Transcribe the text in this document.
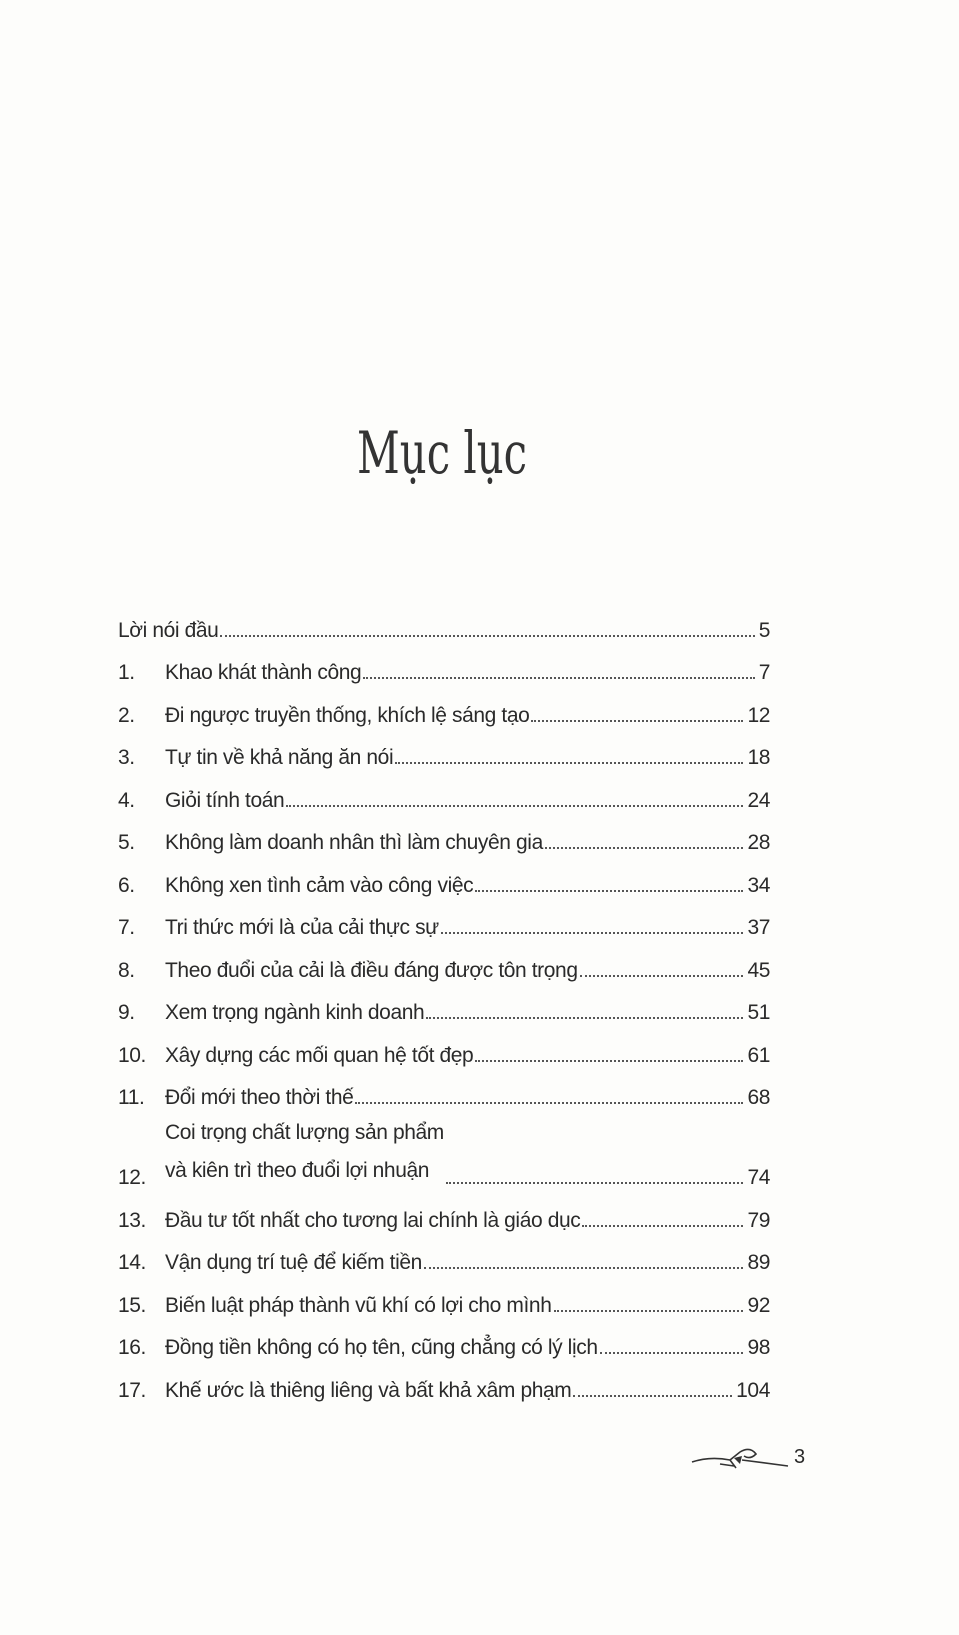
Mục lục
Lời nói đầu	5
1.	Khao khát thành công	7
2.	Đi ngược truyền thống, khích lệ sáng tạo	12
3.	Tự tin về khả năng ăn nói	18
4.	Giỏi tính toán	24
5.	Không làm doanh nhân thì làm chuyên gia	28
6.	Không xen tình cảm vào công việc	34
7.	Tri thức mới là của cải thực sự	37
8.	Theo đuổi của cải là điều đáng được tôn trọng	45
9.	Xem trọng ngành kinh doanh	51
10. Xây dựng các mối quan hệ tốt đẹp	61
11. Đổi mới theo thời thế	68
12.
Coi trọng chất lượng sản phẩm
và kiên trì theo đuổi lợi nhuận	74
13. Đầu tư tốt nhất cho tương lai chính là giáo dục	79
14. Vận dụng trí tuệ để kiếm tiền	89
15. Biến luật pháp thành vũ khí có lợi cho mình	92
16. Đồng tiền không có họ tên, cũng chẳng có lý lịch	98
17. Khế ước là thiêng liêng và bất khả xâm phạm	104
3
